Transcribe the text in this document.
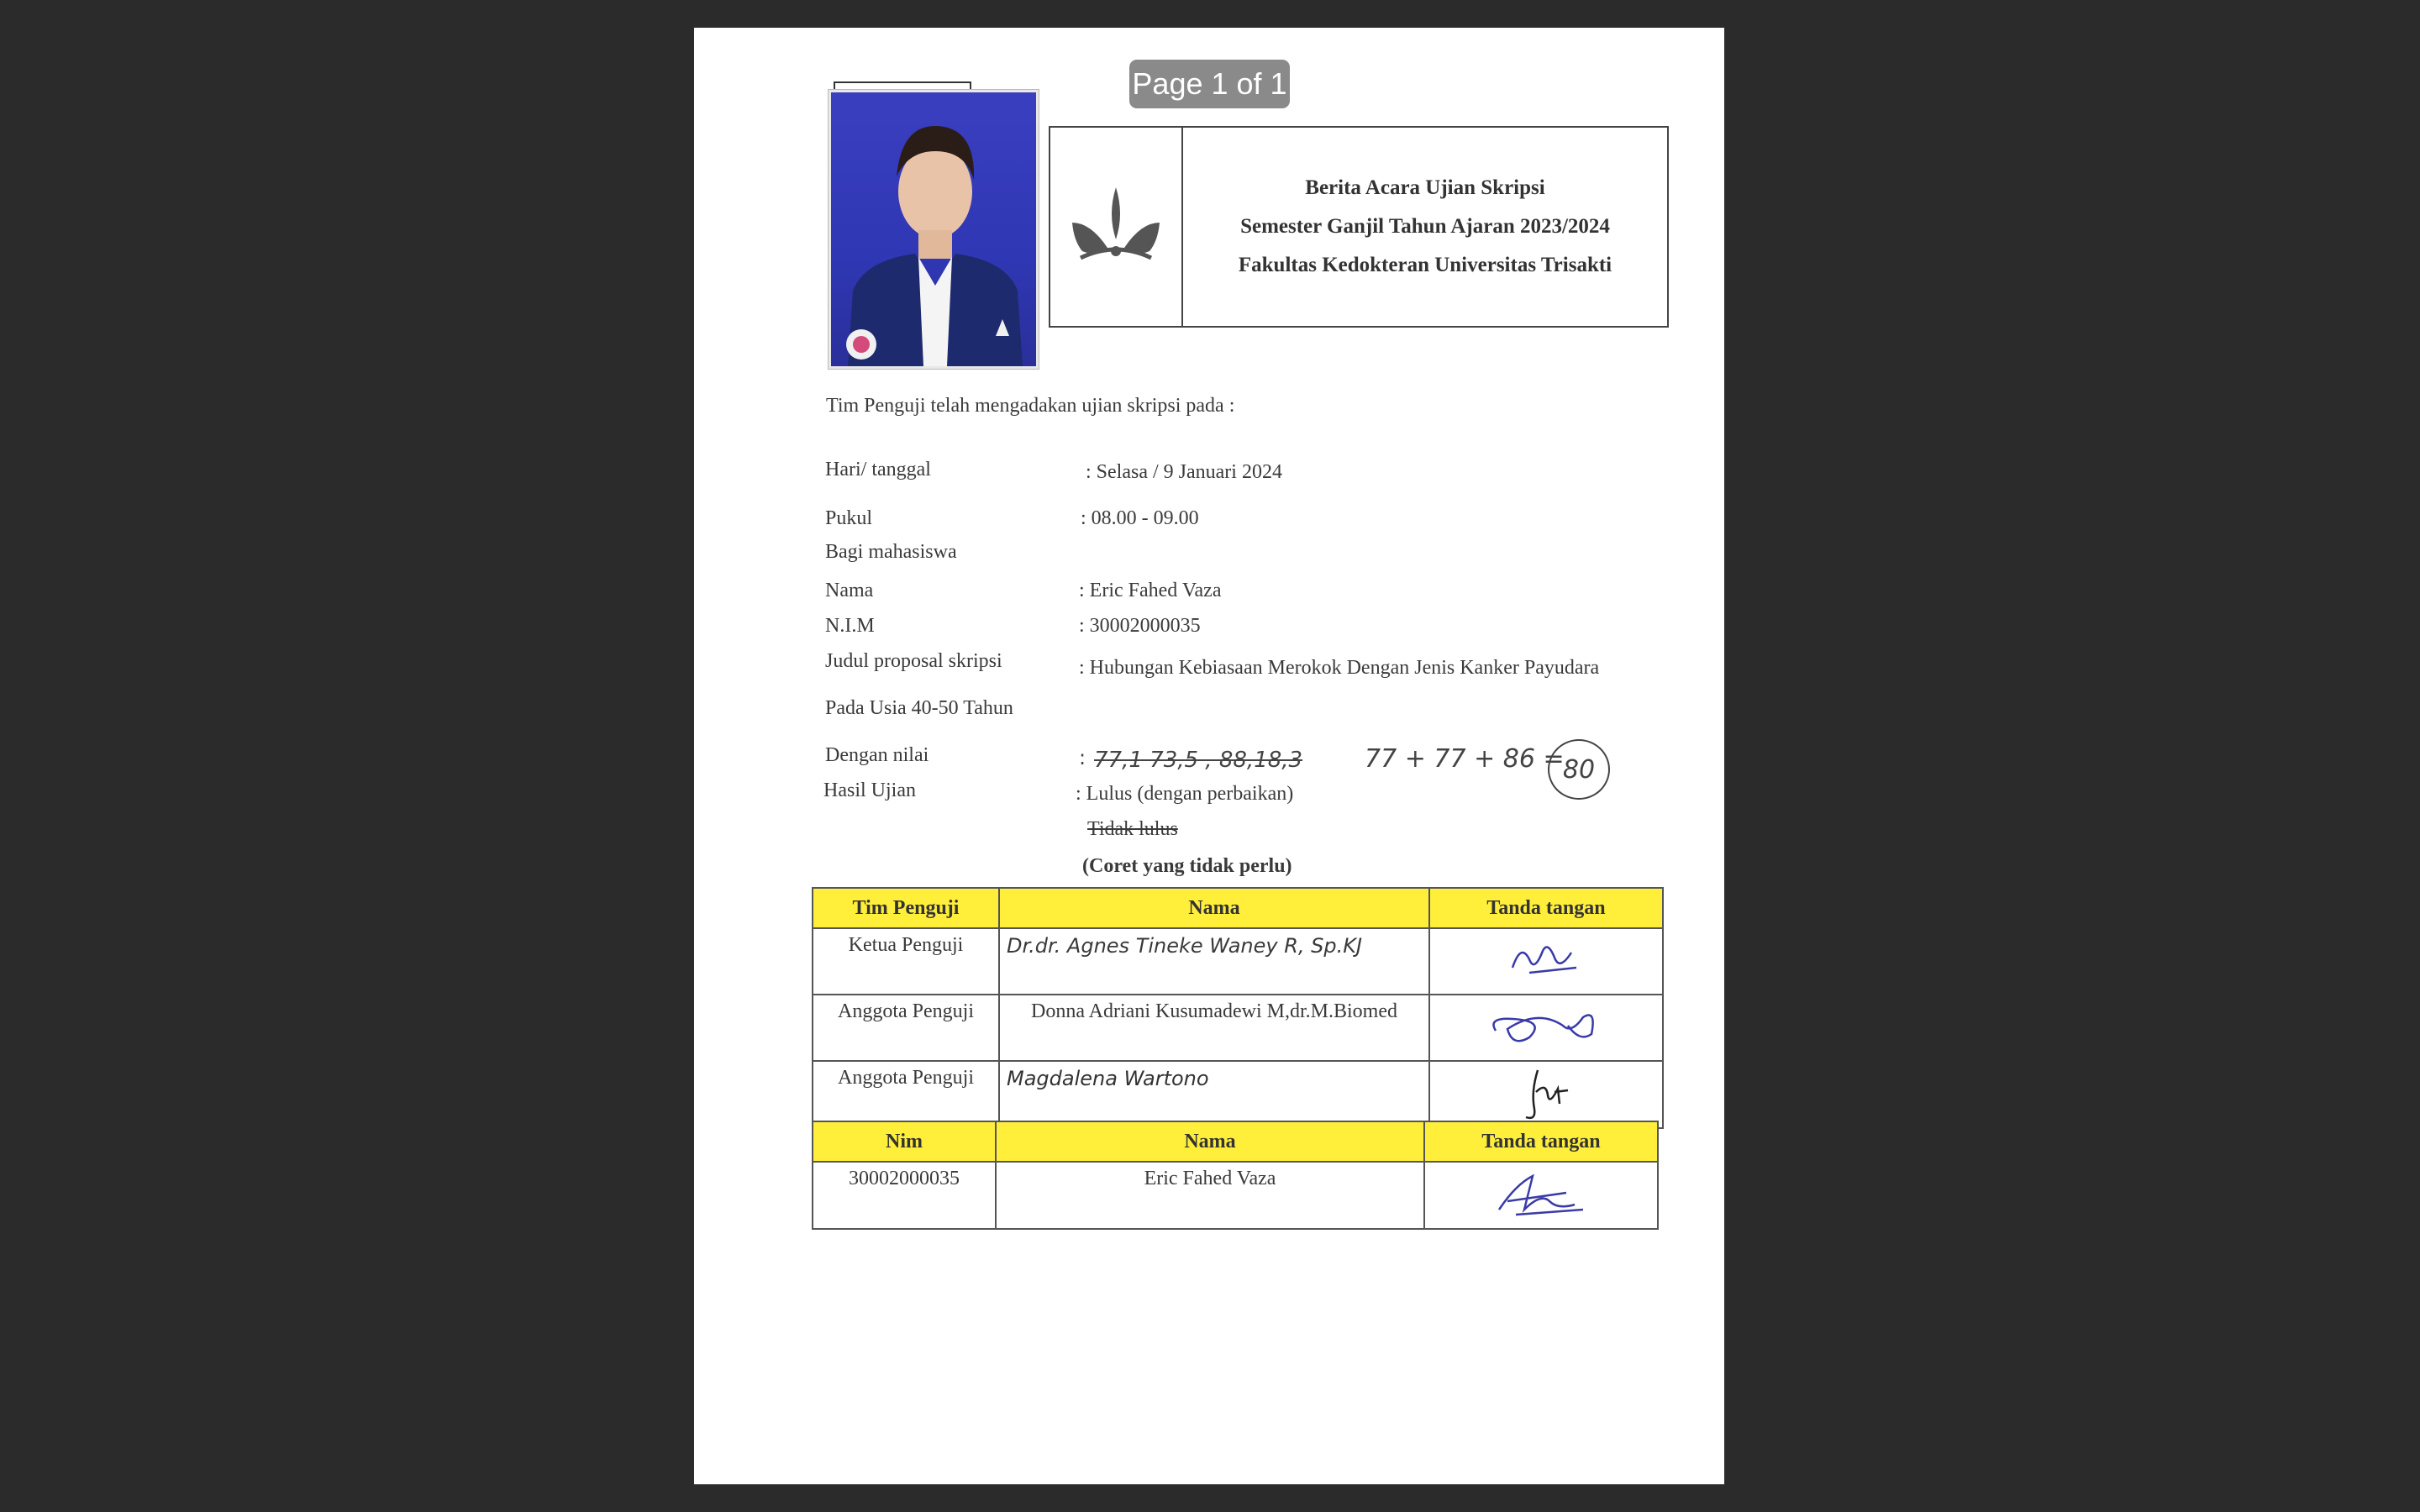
Page 1 of 1
Berita Acara Ujian Skripsi
Semester Ganjil Tahun Ajaran 2023/2024
Fakultas Kedokteran Universitas Trisakti
Tim Penguji telah mengadakan ujian skripsi pada :
Hari/ tanggal	: Selasa / 9 Januari 2024
Pukul	: 08.00 - 09.00
Bagi mahasiswa
Nama	: Eric Fahed Vaza
N.I.M	: 30002000035
Judul proposal skripsi	: Hubungan Kebiasaan Merokok Dengan Jenis Kanker Payudara
Pada Usia 40-50 Tahun
Dengan nilai	: 77,1 73,5 , 88,18,3 77 + 77 + 86 =
80
Hasil Ujian	: Lulus (dengan perbaikan)
Tidak lulus
(Coret yang tidak perlu)
Tim Penguji	Nama	Tanda tangan
Ketua Penguji	Dr.dr. Agnes Tineke Waney R, Sp.KJ	
Anggota Penguji	Donna Adriani Kusumadewi M,dr.M.Biomed	
Anggota Penguji	Magdalena Wartono	
Nim	Nama	Tanda tangan
30002000035	Eric Fahed Vaza	
